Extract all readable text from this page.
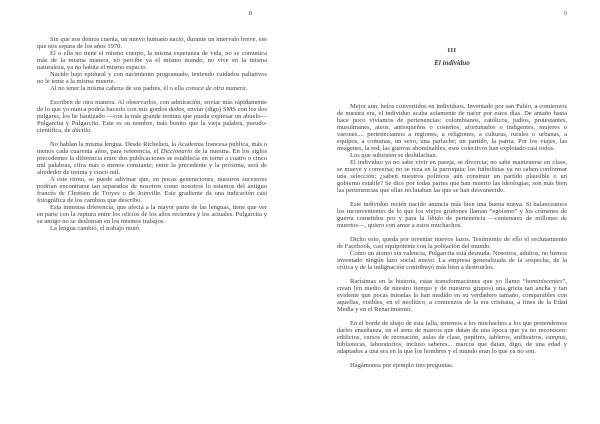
8

Sin que nos demos cuenta, un nuevo humano nació, durante un intervalo breve, ese que nos separa de los años 1970.

Él o ella no tiene el mismo cuerpo, la misma esperanza de vida, no se comunica más de la misma manera, no percibe ya el mismo mundo, no vive en la misma naturaleza, ya no habita el mismo espacio.

Nacido bajo epidural y con nacimiento programado, teniendo cuidados paliativos no le teme a la misma muerte.

Al no tener la misma cabeza de sus padres, él o ella conoce de otra manera.

Escriben de otra manera. Al observarlos, con admiración, enviar más rápidamente de lo que yo nunca podría hacerlo con mis gordos dedos, enviar (digo) SMS con los dos pulgares, los he bautizado —con la más grande ternura que pueda expresar un abuelo— Pulgarcita y Pulgarcito. Este es su nombre, más bonito que la vieja palabra, pseudo-científica, de dáctilo.

No hablan la misma lengua. Desde Richelieu, la Academia francesa publica, más o menos cada cuarenta años, para referencia, el Diccionario de la nuestra. En los siglos precedentes la diferencia entre dos publicaciones se establecía en torno a cuatro o cinco mil palabras, cifra más o menos constante; entre la precedente y la próxima, será de alrededor de treinta y cinco mil.

A este ritmo, se puede adivinar que, en pocas generaciones, nuestros sucesores podrían encontrarse tan separados de nosotros como nosotros lo estamos del antiguo francés de Chrétien de Troyes o de Joinville. Este gradiente da una indicación casi fotográfica de los cambios que describo.

Esta inmensa diferencia, que afecta a la mayor parte de las lenguas, tiene que ver en parte con la ruptura entre los oficios de los años recientes y los actuales. Pulgarcita y su amigo no se desloman en los mismos trabajos.

La lengua cambió, el trabajo mutó.

9
III
El individuo

Mejor aún, helos convertidos en individuos. Inventado por san Pablo, a comienzos de nuestra era, el individuo acaba solamente de nacer por estos días. De antaño hasta hace poco vivíamos de pertenencias: colombianos, católicos, judíos, protestantes, musulmanes, ateos, antioqueños o costeños, afortunados o indigentes, mujeres o varones.... pertenecíamos a regiones, a religiones, a culturas, rurales o urbanas, a equipos, a comunas, un sexo, una parlache; un partido, la patria. Por los viajes, las imágenes, la red, las guerras abominables, esos colectivos han explotado casi todos.

Los que subsisten se deshilachan.

El individuo ya no sabe vivir en pareja, se divorcia; no sabe mantenerse en clase, se mueve y conversa; no se reza en la parroquia; los futbolistas ya no saben conformar una selección; ¿saben nuestros políticos aún construir un partido plausible o un gobierno estable? Se dice por todas partes que han muerto las ideologías; son más bien las pertenencias que ellas reclutaban las que se han desvanecido.

Este individuo recién nacido anuncia más bien una buena nueva. Si balanceamos los inconvenientes de lo que los viejos gruñones llaman “egoísmo” y los crímenes de guerra cometidos por y para la líbido de pertenencia —centenares de millones de muertos—, quiero con amor a estos muchachos.

Dicho esto, queda por inventar nuevos lazos. Testimonio de ello el reclutamiento de Facebook, casi equipotente con la población del mundo.

Como un átomo sin valencia, Pulgarcita está desnuda. Nosotros, adultos, no hemos inventado ningún lazo social nuevo. La empresa generalizada de la sospecha, de la crítica y de la indignación contribuyó más bien a destruirlos.

Rarísimas en la historia, estas transformaciones que yo llamo “hominiscentes”, crean (en medio de nuestro tiempo y de nuestros grupos) una grieta tan ancha y tan evidente que pocas miradas la han medido en su verdadero tamaño, comparables con aquellas, visibles, en el neolítico, a comienzos de la era cristiana, a fines de la Edad Media y en el Renacimiento.

En el borde de abajo de esta falla, tenemos a los muchachos a los que pretendemos darles enseñanza, en el seno de marcos que datan de una época que ya no reconocen: edificios, cursos de recreación, aulas de clase, pupitres, tableros, anfiteatros, campus, bibliotecas, laboratorios, incluso saberes... marcos que datan, digo, de una edad y adaptados a una era en la que los hombres y el mundo eran lo que ya no son.

Hagámonos por ejemplo tres preguntas.
